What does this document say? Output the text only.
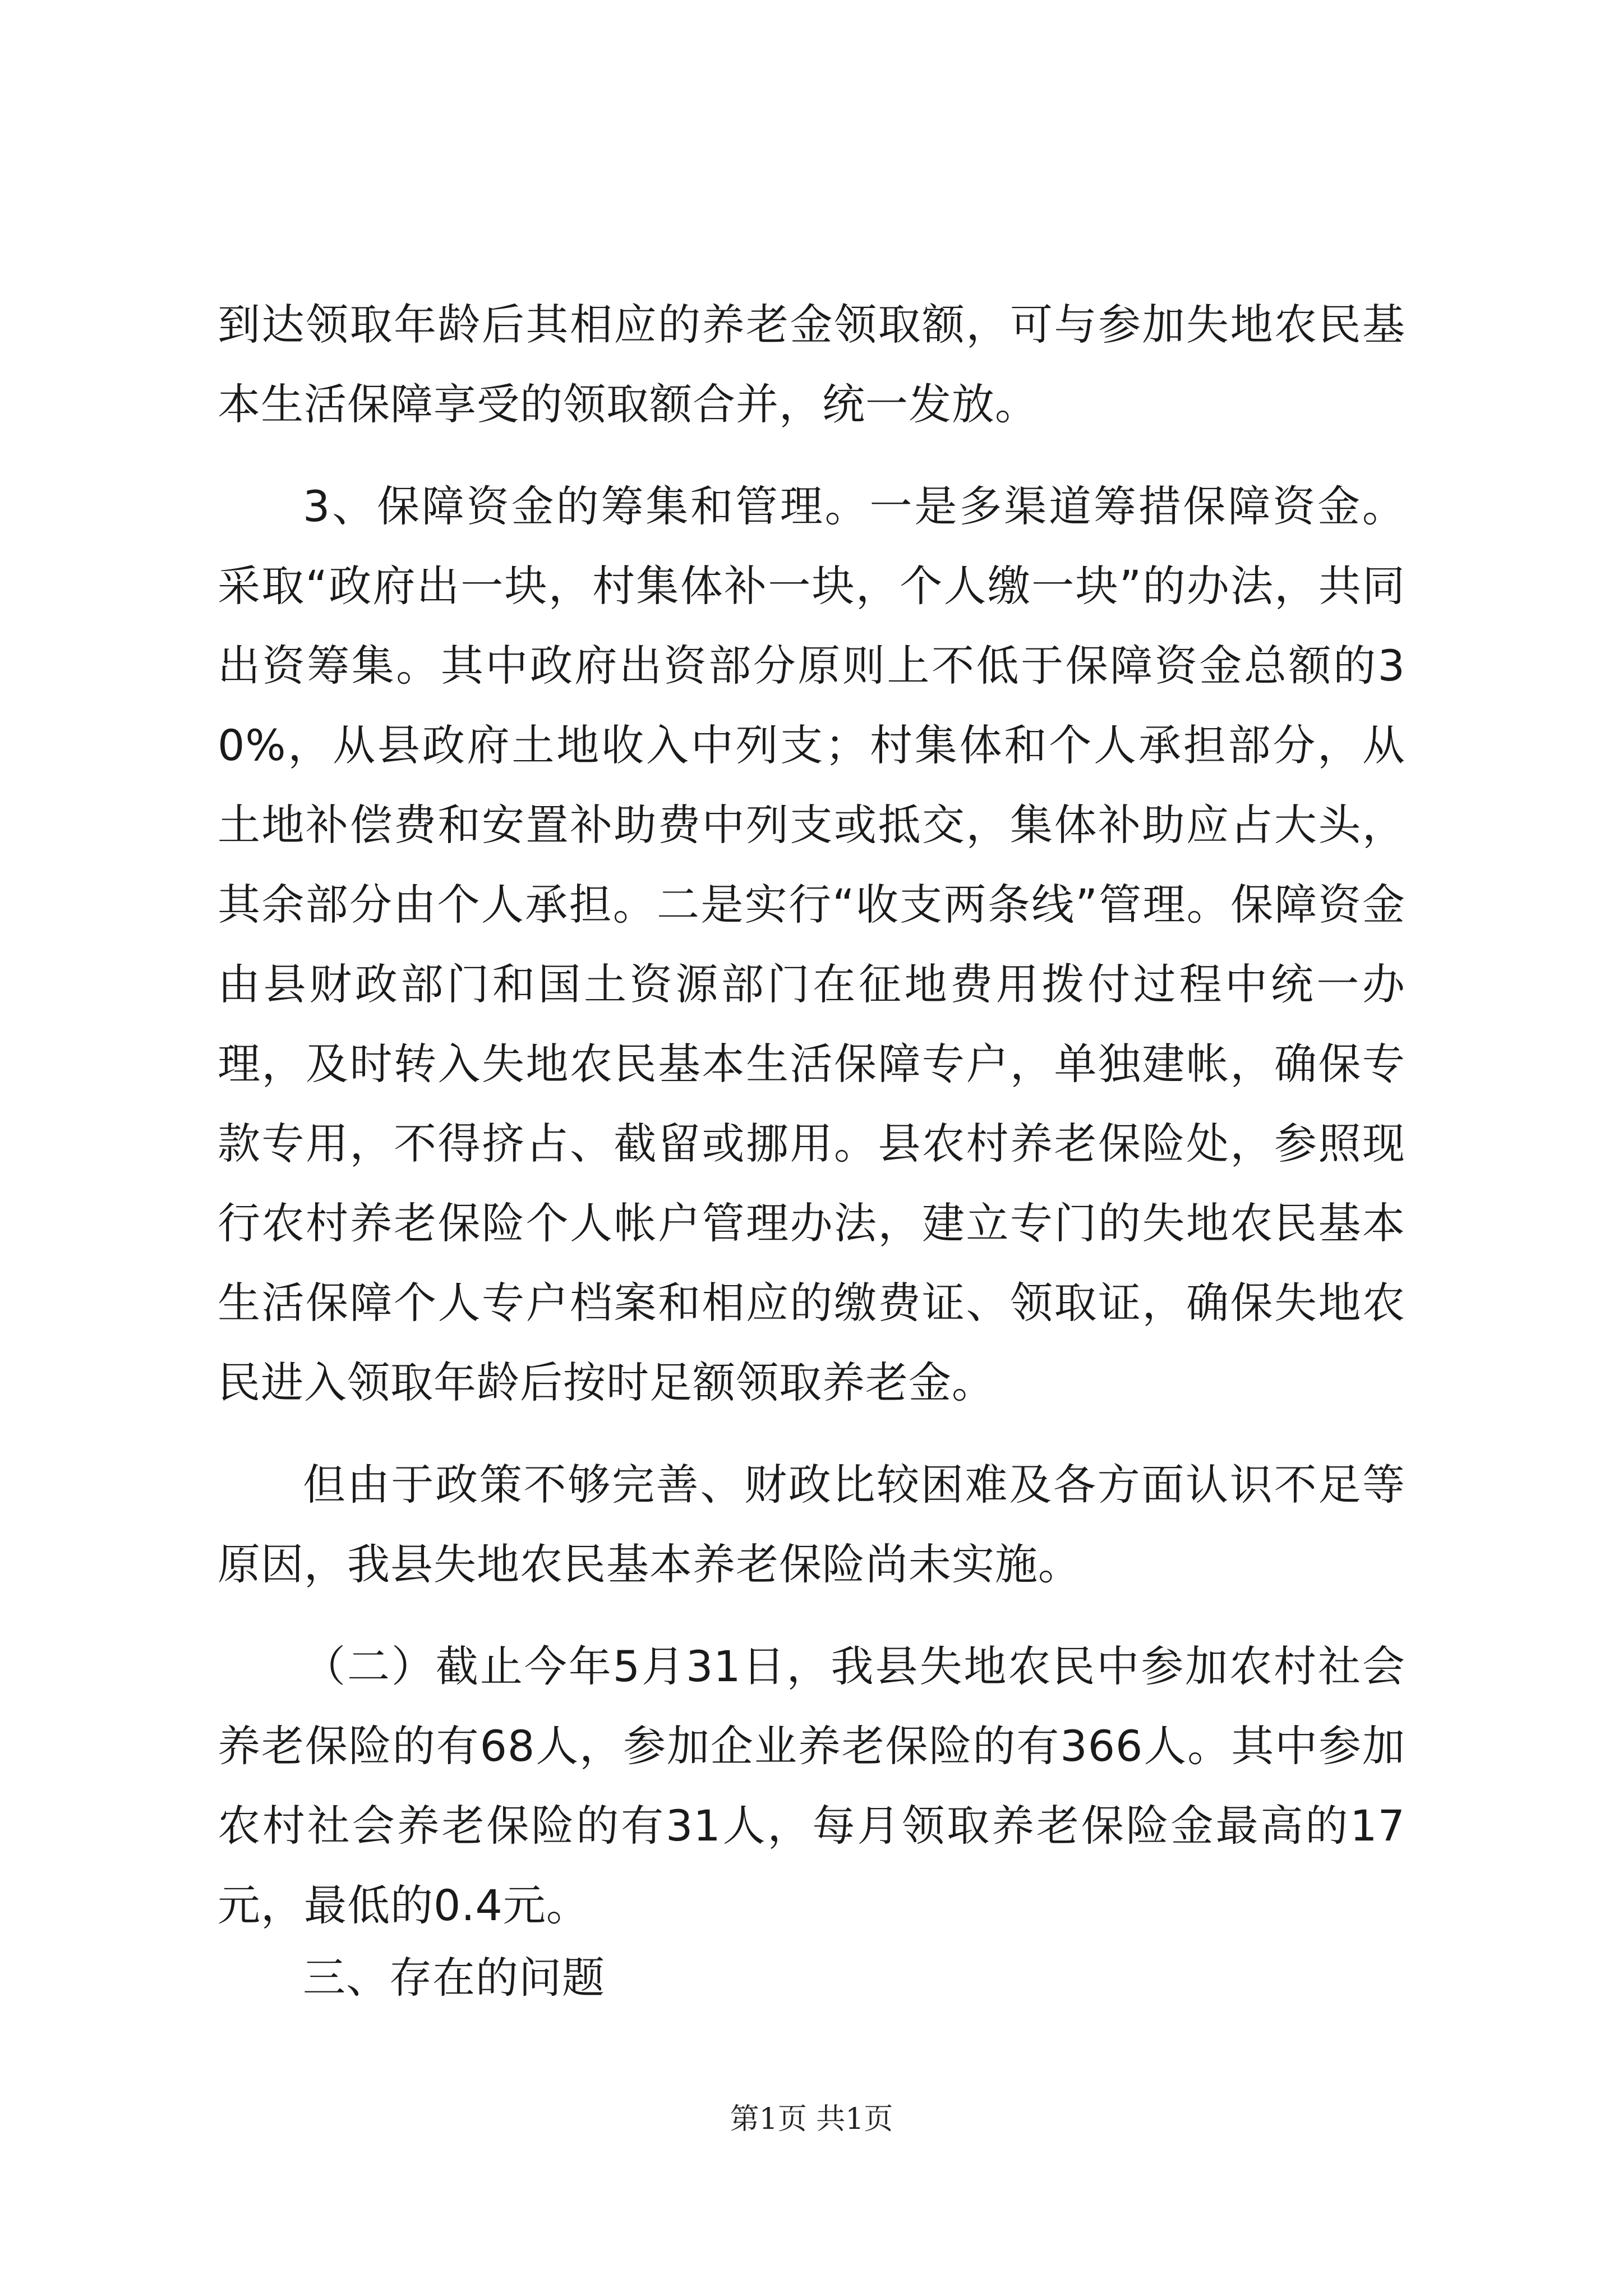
到达领取年龄后其相应的养老金领取额，可与参加失地农民基本生活保障享受的领取额合并，统一发放。

3、保障资金的筹集和管理。一是多渠道筹措保障资金。采取“政府出一块，村集体补一块，个人缴一块”的办法，共同出资筹集。其中政府出资部分原则上不低于保障资金总额的30%，从县政府土地收入中列支；村集体和个人承担部分，从土地补偿费和安置补助费中列支或抵交，集体补助应占大头，其余部分由个人承担。二是实行“收支两条线”管理。保障资金由县财政部门和国土资源部门在征地费用拨付过程中统一办理，及时转入失地农民基本生活保障专户，单独建帐，确保专款专用，不得挤占、截留或挪用。县农村养老保险处，参照现行农村养老保险个人帐户管理办法，建立专门的失地农民基本生活保障个人专户档案和相应的缴费证、领取证，确保失地农民进入领取年龄后按时足额领取养老金。

但由于政策不够完善、财政比较困难及各方面认识不足等原因，我县失地农民基本养老保险尚未实施。

（二）截止今年5月31日，我县失地农民中参加农村社会养老保险的有68人，参加企业养老保险的有366人。其中参加农村社会养老保险的有31人，每月领取养老保险金最高的17元，最低的0.4元。

三、存在的问题
第1页 共1页
